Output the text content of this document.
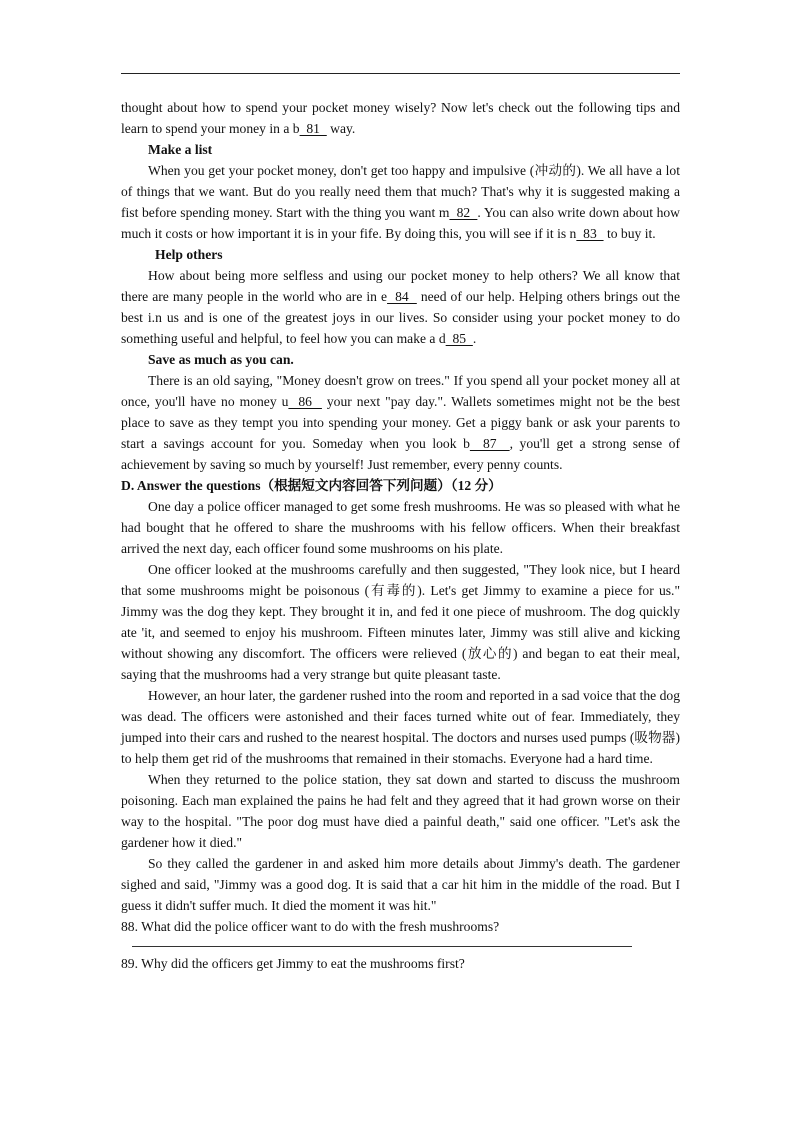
thought about how to spend your pocket money wisely? Now let's check out the following tips and learn to spend your money in a b  81   way.

Make a list

When you get your pocket money, don't get too happy and impulsive (冲动的). We all have a lot of things that we want. But do you really need them that much? That's why it is suggested making a fist before spending money. Start with the thing you want m  82  . You can also write down about how much it costs or how important it is in your fife. By doing this, you will see if it is n  83   to buy it.

Help others

How about being more selfless and using our pocket money to help others? We all know that there are many people in the world who are in e  84   need of our help. Helping others brings out the best i.n us and is one of the greatest joys in our lives. So consider using your pocket money to do something useful and helpful, to feel how you can make a d  85  .

Save as much as you can.

There is an old saying, "Money doesn't grow on trees." If you spend all your pocket money all at once, you'll have no money u  86   your next "pay day.". Wallets sometimes might not be the best place to save as they tempt you into spending your money. Get a piggy bank or ask your parents to start a savings account for you. Someday when you look b  87  , you'll get a strong sense of achievement by saving so much by yourself! Just remember, every penny counts.

D. Answer the questions（根据短文内容回答下列问题）（12 分）

One day a police officer managed to get some fresh mushrooms. He was so pleased with what he had bought that he offered to share the mushrooms with his fellow officers. When their breakfast arrived the next day, each officer found some mushrooms on his plate.

One officer looked at the mushrooms carefully and then suggested, "They look nice, but I heard that some mushrooms might be poisonous (有毒的). Let's get Jimmy to examine a piece for us." Jimmy was the dog they kept. They brought it in, and fed it one piece of mushroom. The dog quickly ate 'it, and seemed to enjoy his mushroom. Fifteen minutes later, Jimmy was still alive and kicking without showing any discomfort. The officers were relieved (放心的) and began to eat their meal, saying that the mushrooms had a very strange but quite pleasant taste.

However, an hour later, the gardener rushed into the room and reported in a sad voice that the dog was dead. The officers were astonished and their faces turned white out of fear. Immediately, they jumped into their cars and rushed to the nearest hospital. The doctors and nurses used pumps (吸物器) to help them get rid of the mushrooms that remained in their stomachs. Everyone had a hard time.

When they returned to the police station, they sat down and started to discuss the mushroom poisoning. Each man explained the pains he had felt and they agreed that it had grown worse on their way to the hospital. "The poor dog must have died a painful death," said one officer. "Let's ask the gardener how it died."

So they called the gardener in and asked him more details about Jimmy's death. The gardener sighed and said, "Jimmy was a good dog. It is said that a car hit him in the middle of the road. But I guess it didn't suffer much. It died the moment it was hit."

88. What did the police officer want to do with the fresh mushrooms?

89. Why did the officers get Jimmy to eat the mushrooms first?
